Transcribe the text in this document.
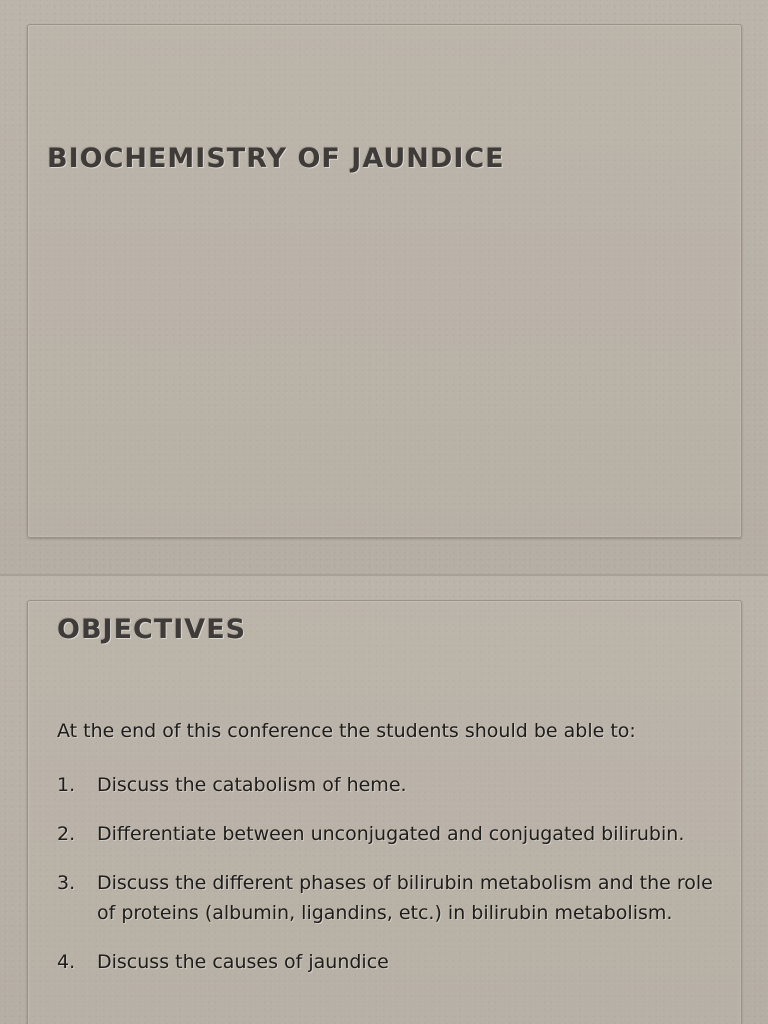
BIOCHEMISTRY OF JAUNDICE
OBJECTIVES

At the end of this conference the students should be able to:

1. Discuss the catabolism of heme.
2. Differentiate between unconjugated and conjugated bilirubin.
3. Discuss the different phases of bilirubin metabolism and the role of proteins (albumin, ligandins, etc.) in bilirubin metabolism.
4. Discuss the causes of jaundice
